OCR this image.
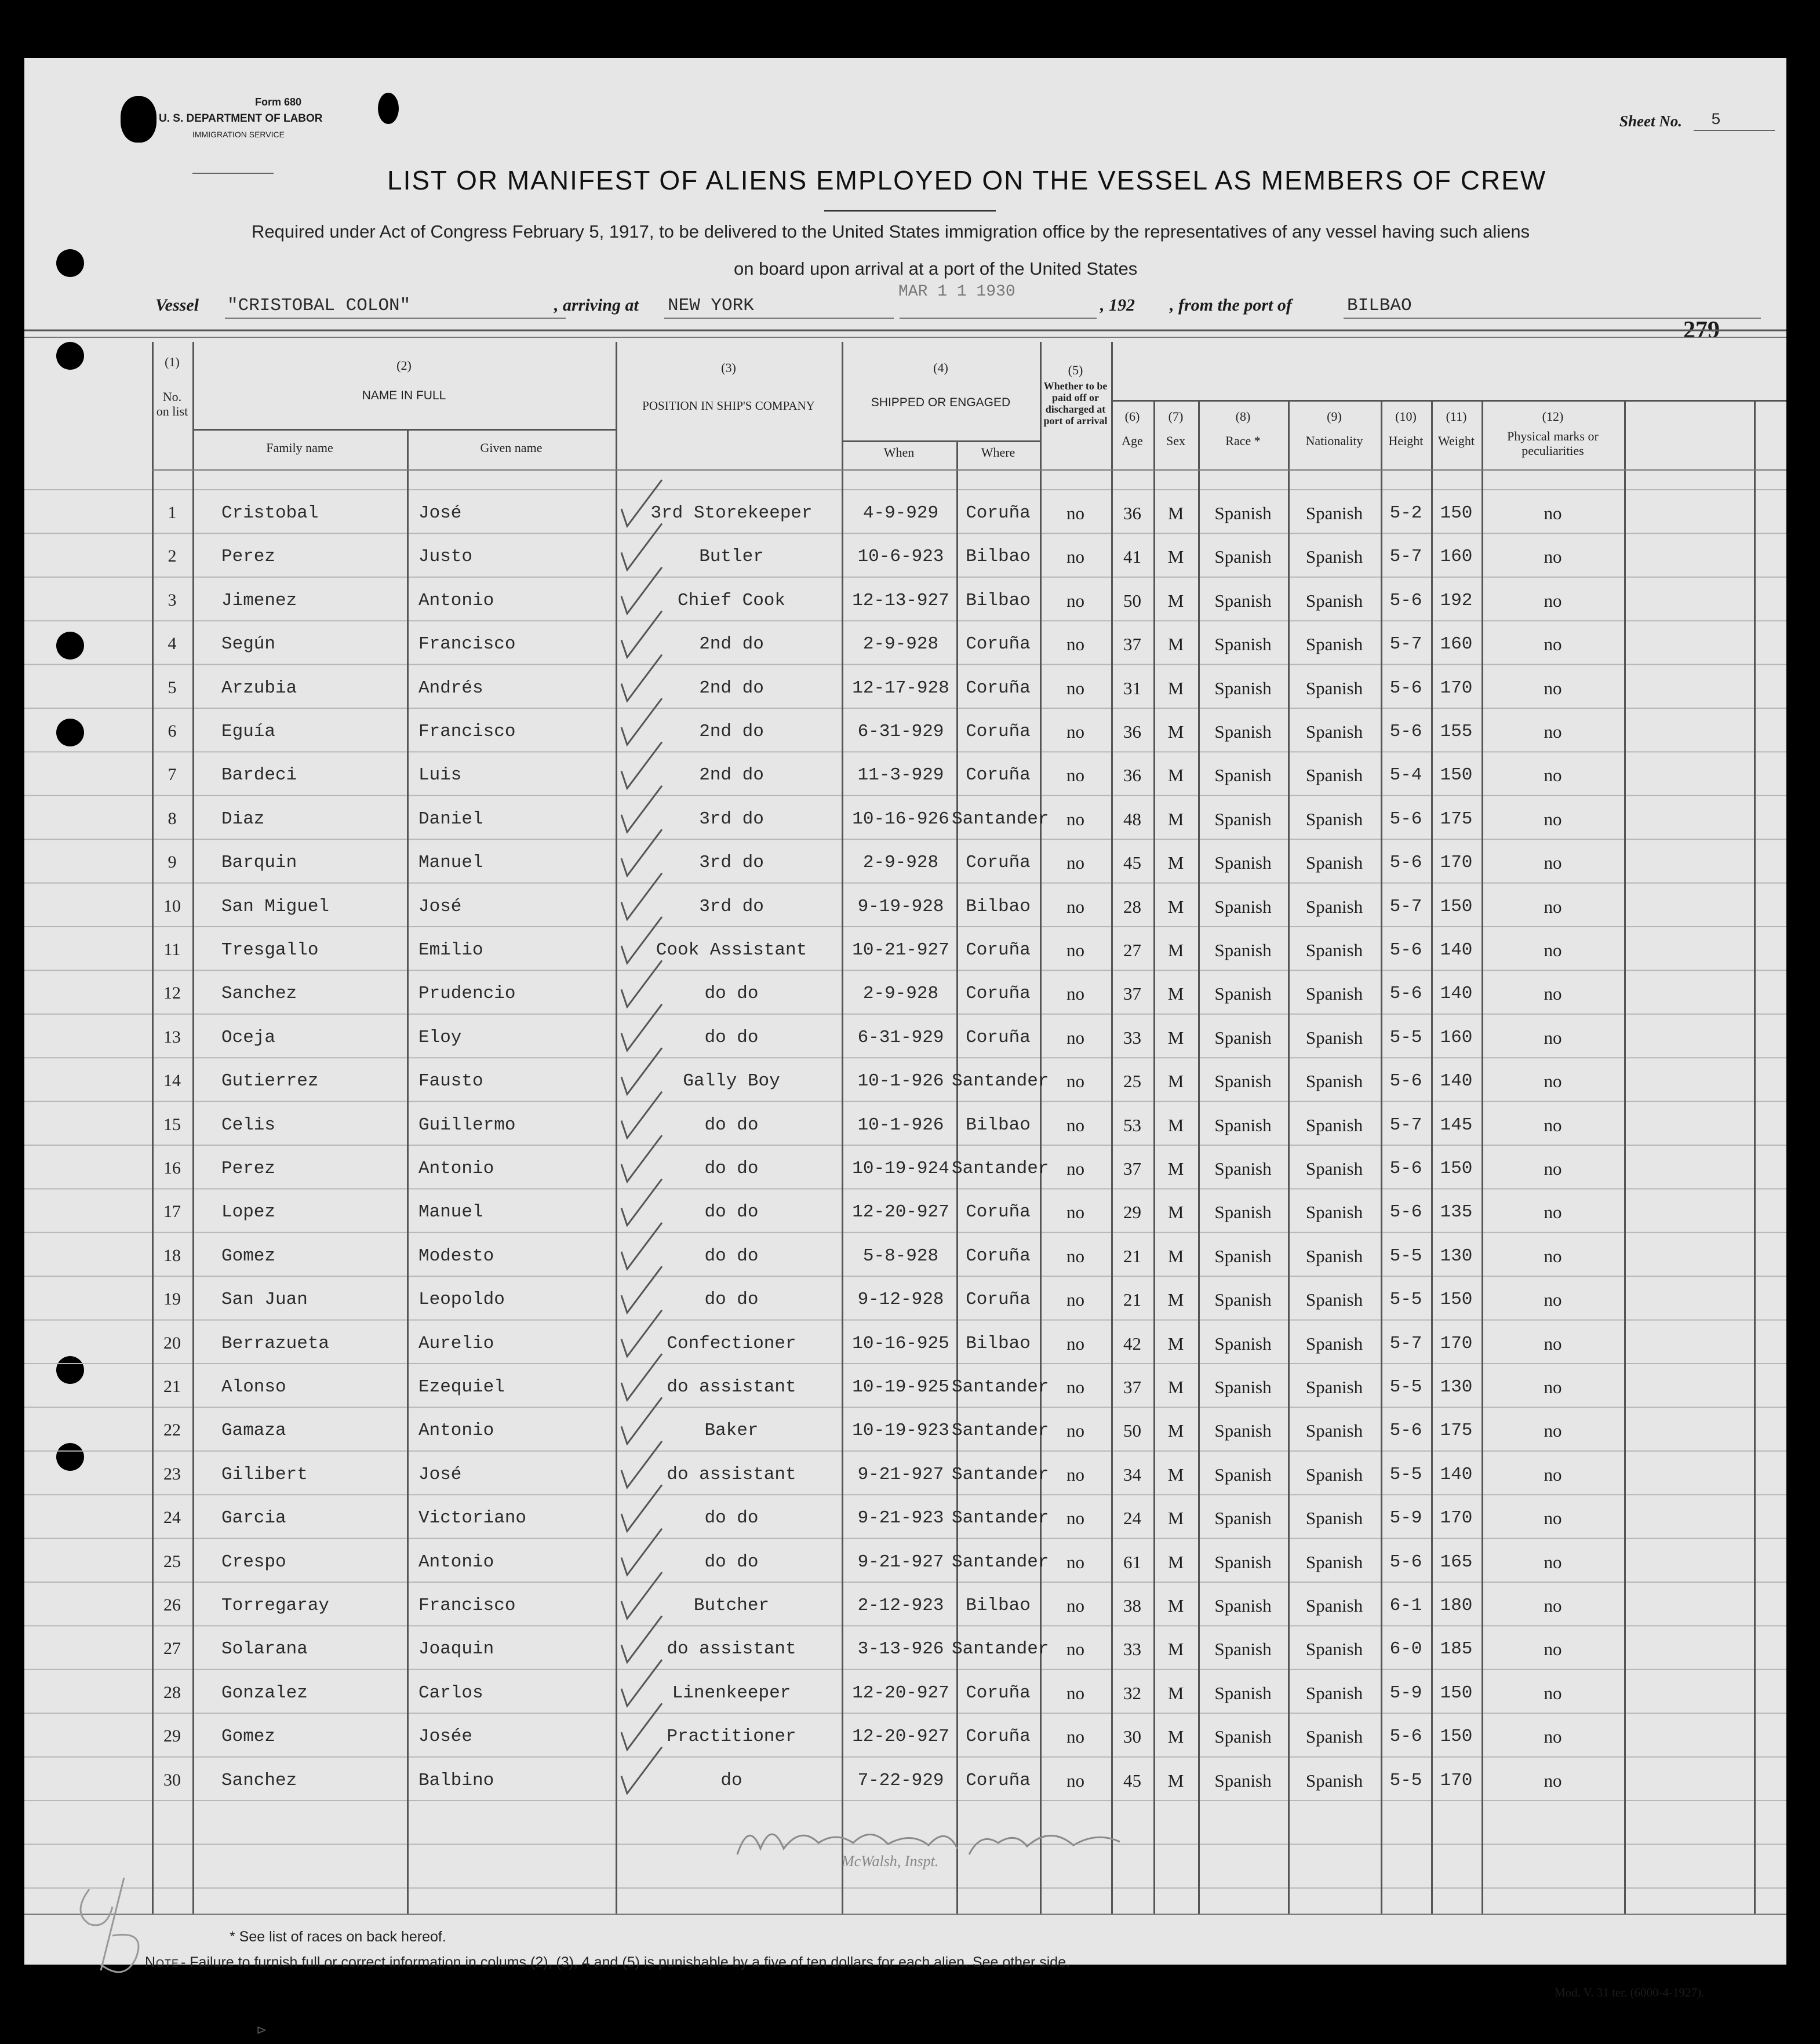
Form 680
U. S. DEPARTMENT OF LABOR
IMMIGRATION SERVICE
Sheet No. 5
LIST OR MANIFEST OF ALIENS EMPLOYED ON THE VESSEL AS MEMBERS OF CREW
Required under Act of Congress February 5, 1917, to be delivered to the United States immigration office by the representatives of any vessel having such aliens
on board upon arrival at a port of the United States
Vessel "CRISTOBAL COLON"	, arriving at NEW YORK
MAR 1 1 1930
, 192 , from the port of	BILBAO
279
(1)
No. on list
(2)
NAME IN FULL
Family name	Given name
(3)
POSITION IN SHIP'S COMPANY
(4)
SHIPPED OR ENGAGED
When	Where
(5)
Whether to be paid off or discharged at port of arrival	(6)
Age
(7)
Sex
(8)
Race *
(9)
Nationality
(10)
Height
(11)
Weight
(12)
Physical marks or peculiarities
1	Cristobal	José	3rd Storekeeper	4-9-929	Coruña	no	36	M	Spanish	Spanish	5-2	150	no
2	Perez	Justo	Butler	10-6-923	Bilbao	no	41	M	Spanish	Spanish	5-7	160	no
3	Jimenez	Antonio	Chief Cook	12-13-927 Bilbao	no	50	M	Spanish	Spanish	5-6	192	no
4	Según	Francisco	2nd do	2-9-928	Coruña	no	37	M	Spanish	Spanish	5-7	160	no
5	Arzubia	Andrés	2nd do	12-17-928 Coruña	no	31	M	Spanish	Spanish	5-6	170	no
6	Eguía	Francisco	2nd do	6-31-929	Coruña	no	36	M	Spanish	Spanish	5-6	155	no
7	Bardeci	Luis	2nd do	11-3-929	Coruña	no	36	M	Spanish	Spanish	5-4	150	no
8	Diaz	Daniel	3rd do	10-16-926 Santander no	48	M	Spanish	Spanish	5-6	175	no
9	Barquin	Manuel	3rd do	2-9-928	Coruña	no	45	M	Spanish	Spanish	5-6	170	no
10	San Miguel	José	3rd do	9-19-928	Bilbao	no	28	M	Spanish	Spanish	5-7	150	no
11	Tresgallo	Emilio	Cook Assistant	10-21-927 Coruña	no	27	M	Spanish	Spanish	5-6	140	no
12	Sanchez	Prudencio	do do	2-9-928	Coruña	no	37	M	Spanish	Spanish	5-6	140	no
13	Oceja	Eloy	do do	6-31-929	Coruña	no	33	M	Spanish	Spanish	5-5	160	no
14	Gutierrez	Fausto	Gally Boy	10-1-926 Santander no	25	M	Spanish	Spanish	5-6	140	no
15	Celis	Guillermo	do do	10-1-926	Bilbao	no	53	M	Spanish	Spanish	5-7	145	no
16	Perez	Antonio	do do	10-19-924 Santander no	37	M	Spanish	Spanish	5-6	150	no
17	Lopez	Manuel	do do	12-20-927 Coruña	no	29	M	Spanish	Spanish	5-6	135	no
18	Gomez	Modesto	do do	5-8-928	Coruña	no	21	M	Spanish	Spanish	5-5	130	no
19	San Juan	Leopoldo	do do	9-12-928	Coruña	no	21	M	Spanish	Spanish	5-5	150	no
20	Berrazueta	Aurelio	Confectioner	10-16-925 Bilbao	no	42	M	Spanish	Spanish	5-7	170	no
21	Alonso	Ezequiel	do assistant	10-19-925 Santander no	37	M	Spanish	Spanish	5-5	130	no
22	Gamaza	Antonio	Baker	10-19-923 Santander no	50	M	Spanish	Spanish	5-6	175	no
23	Gilibert	José	do assistant	9-21-927 Santander no	34	M	Spanish	Spanish	5-5	140	no
24	Garcia	Victoriano	do do	9-21-923 Santander no	24	M	Spanish	Spanish	5-9	170	no
25	Crespo	Antonio	do do	9-21-927 Santander no	61	M	Spanish	Spanish	5-6	165	no
26	Torregaray	Francisco	Butcher	2-12-923	Bilbao	no	38	M	Spanish	Spanish	6-1	180	no
27	Solarana	Joaquin	do assistant	3-13-926 Santander no	33	M	Spanish	Spanish	6-0	185	no
28	Gonzalez	Carlos	Linenkeeper	12-20-927 Coruña	no	32	M	Spanish	Spanish	5-9	150	no
29	Gomez	Josée	Practitioner	12-20-927 Coruña	no	30	M	Spanish	Spanish	5-6	150	no
30	Sanchez	Balbino	do	7-22-929	Coruña	no	45	M	Spanish	Spanish	5-5	170	no
McWalsh, Inspt.
* See list of races on back hereof.
Note - Failure to furnish full or correct information in colums (2), (3), 4 and (5) is punishable by a five of ten dollars for each alien. See other side.
Mod. V. 31 ter. (6000-4-1927).
⊳
